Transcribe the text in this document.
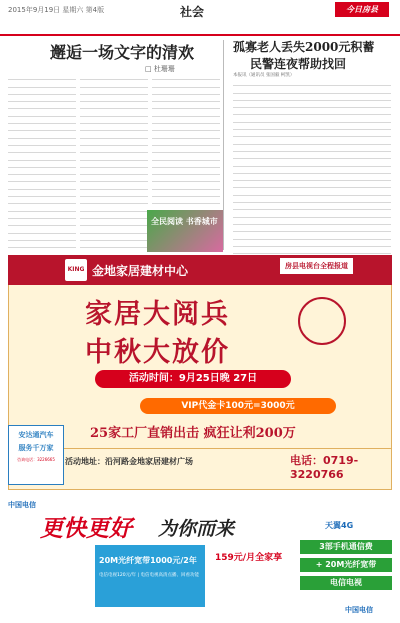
2015年9月19日 星期六 第4版	社会	今日房县
邂逅一场文字的清欢
□ 杜珊珊
孤寡老人丢失2000元积蓄
民警连夜帮助找回
本报讯（通讯员 张国毅 柯凯）
全民阅读 书香城市
KING 金地家居建材中心	房县电视台全程报道
家居大阅兵
中秋大放价
活动时间：9月25日晚 27日
VIP代金卡100元=3000元
25家工厂直销出击 疯狂让利200万
活动地址：沿河路金地家居建材广场	电话：0719-3220766
安达通汽车
服务千万家
咨询电话：3226665
中国电信
更快更好 为你而来	天翼4G
20M光纤宽带1000元/2年
电信电视120元/年 | 电信电视高清点播、回看功能
159元/月全家享
3部手机通信费
+ 20M光纤宽带
电信电视
中国电信
